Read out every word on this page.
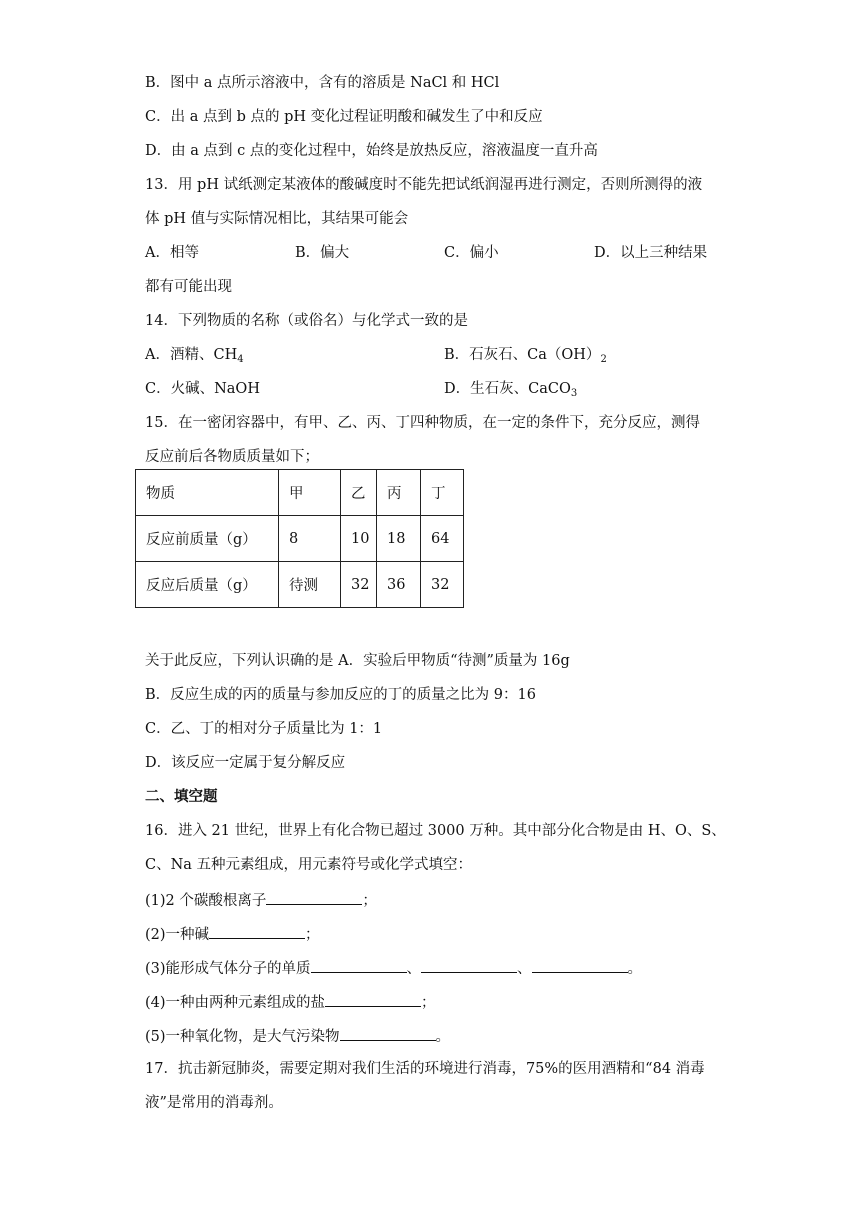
B．图中 a 点所示溶液中，含有的溶质是 NaCl 和 HCl
C．出 a 点到 b 点的 pH 变化过程证明酸和碱发生了中和反应
D．由 a 点到 c 点的变化过程中，始终是放热反应，溶液温度一直升高
13．用 pH 试纸测定某液体的酸碱度时不能先把试纸润湿再进行测定，否则所测得的液
体 pH 值与实际情况相比，其结果可能会
A．相等	B．偏大	C．偏小	D．以上三种结果
都有可能出现
14．下列物质的名称（或俗名）与化学式一致的是
A．酒精、$CH_4$	B．石灰石、$Ca(OH)_2$
C．火碱、NaOH	D．生石灰、CaCO$_3$
15．在一密闭容器中，有甲、乙、丙、丁四种物质，在一定的条件下，充分反应，测得
反应前后各物质质量如下；
物质	甲	乙	丙	丁
反应前质量（g）	8	10	18	64
反应后质量（g）	待测	32	36	32
关于此反应，下列认识确的是 A．实验后甲物质“待测”质量为 16g
B．反应生成的丙的质量与参加反应的丁的质量之比为 9：16
C．乙、丁的相对分子质量比为 1：1
D．该反应一定属于复分解反应
二、填空题
16．进入 21 世纪，世界上有化合物已超过 3000 万种。其中部分化合物是由 H、O、S、
C、Na 五种元素组成，用元素符号或化学式填空：
(1)2 个碳酸根离子	；
(2)一种碱	；
(3)能形成气体分子的单质	、	、	。
(4)一种由两种元素组成的盐	；
(5)一种氧化物，是大气污染物	。
17．抗击新冠肺炎，需要定期对我们生活的环境进行消毒，75%的医用酒精和“84 消毒
液”是常用的消毒剂。
